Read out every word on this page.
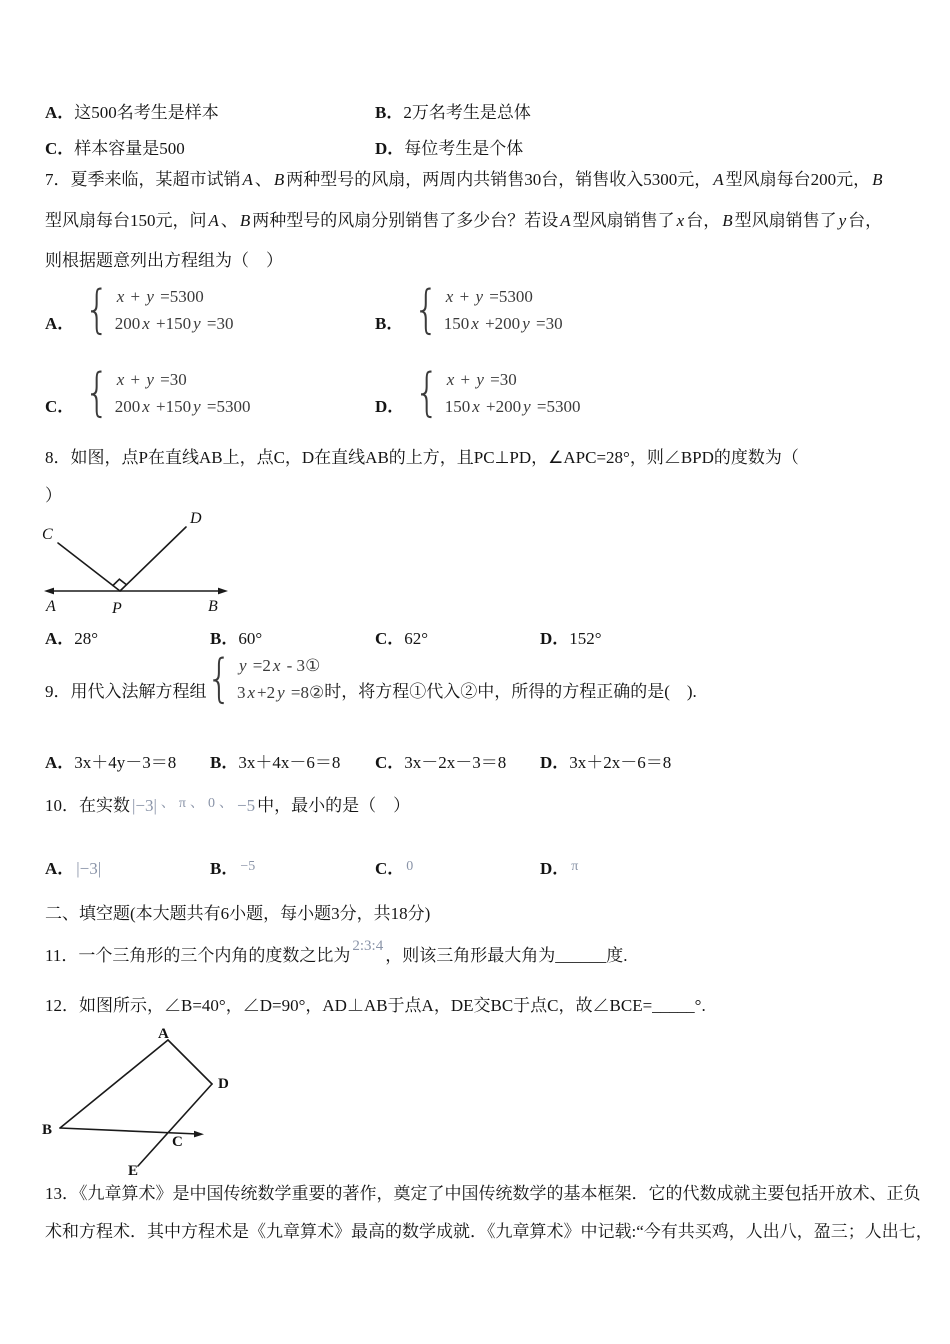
A． 这500名考生是样本	B． 2万名考生是总体
C． 样本容量是500	D． 每位考生是个体
7．夏季来临，某超市试销 A 、 B 两种型号的风扇，两周内共销售30台，销售收入5300元， A 型风扇每台200元， B
型风扇每台150元，问 A 、 B 两种型号的风扇分别销售了多少台？若设 A 型风扇销售了 x 台， B 型风扇销售了 y 台，
则根据题意列出方程组为（　）
A． { x + y =5300
200 x +150 y =30	B． { x + y =5300
150 x +200 y =30
C． { x + y =30
200 x +150 y =5300	D． { x + y =30
150 x +200 y =5300
8．如图，点P在直线AB上，点C，D在直线AB的上方，且PC⊥PD，∠APC=28°，则∠BPD的度数为（
）
C
D
A	P	B
A． 28°	B． 60°	C． 62°	D． 152°
9．用代入法解方程组 { y =2 x - 3①
3 x +2 y =8② 时，将方程①代入②中，所得的方程正确的是(　).
A． 3x＋4y－3＝8 B． 3x＋4x－6＝8 C． 3x－2x－3＝8 D． 3x＋2x－6＝8
10．在实数 |−3| 、 $^\pi$ 、 $^0$ 、 −5 中，最小的是（　）
A． |−3|	B． −5	C． 0	D． π
二、填空题(本大题共有6小题，每小题3分，共18分)
11．一个三角形的三个内角的度数之比为 2:3:4 ，则该三角形最大角为______度.
12．如图所示，∠B=40°，∠D=90°，AD⊥AB于点A，DE交BC于点C，故∠BCE=_____°.
A
B
C
D
E
13．《九章算术》是中国传统数学重要的著作，奠定了中国传统数学的基本框架．它的代数成就主要包括开放术、正负
术和方程术．其中方程术是《九章算术》最高的数学成就．《九章算术》中记载:“今有共买鸡，人出八，盈三；人出七，
